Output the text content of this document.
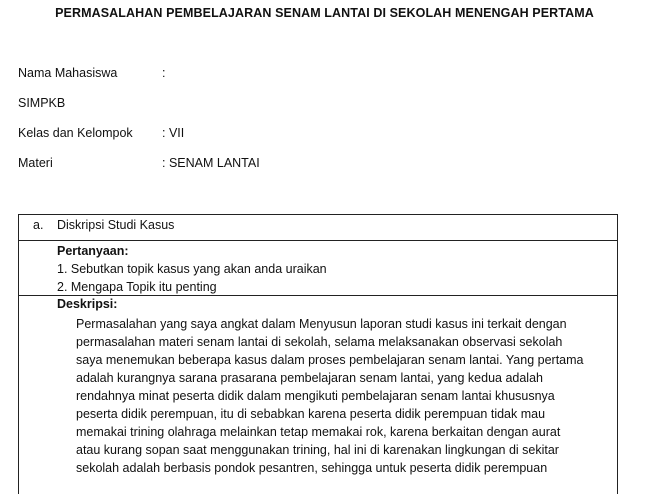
PERMASALAHAN PEMBELAJARAN SENAM LANTAI DI SEKOLAH MENENGAH PERTAMA
Nama Mahasiswa	:
SIMPKB
Kelas dan Kelompok : VII
Materi	: SENAM LANTAI
a. Diskripsi Studi Kasus
Pertanyaan:
1. Sebutkan topik kasus yang akan anda uraikan
2. Mengapa Topik itu penting
Deskripsi:

Permasalahan yang saya angkat dalam Menyusun laporan studi kasus ini terkait dengan
permasalahan materi senam lantai di sekolah, selama melaksanakan observasi sekolah
saya menemukan beberapa kasus dalam proses pembelajaran senam lantai. Yang pertama
adalah kurangnya sarana prasarana pembelajaran senam lantai, yang kedua adalah
rendahnya minat peserta didik dalam mengikuti pembelajaran senam lantai khususnya
peserta didik perempuan, itu di sebabkan karena peserta didik perempuan tidak mau
memakai trining olahraga melainkan tetap memakai rok, karena berkaitan dengan aurat
atau kurang sopan saat menggunakan trining, hal ini di karenakan lingkungan di sekitar
sekolah adalah berbasis pondok pesantren, sehingga untuk peserta didik perempuan
